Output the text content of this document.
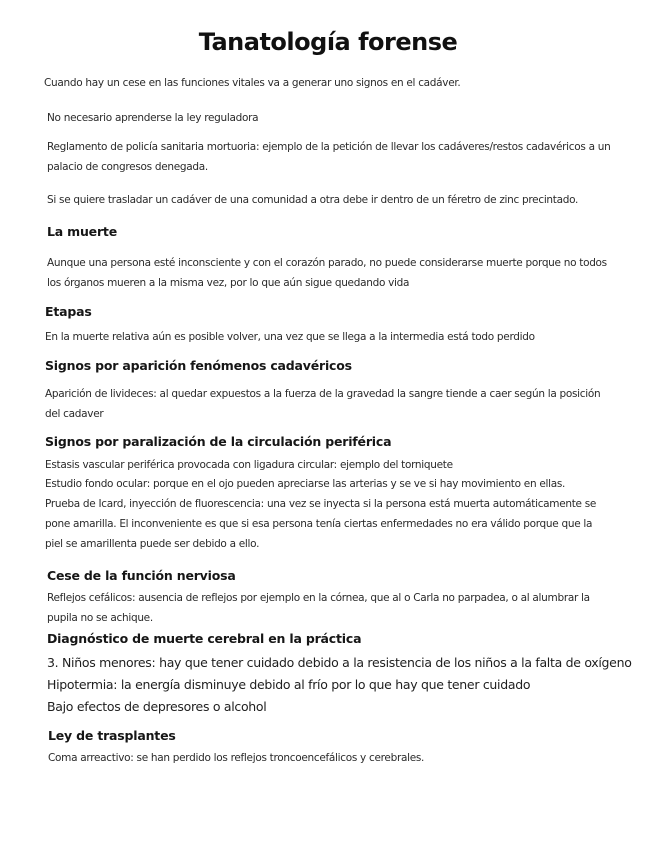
Tanatología forense
Cuando hay un cese en las funciones vitales va a generar uno signos en el cadáver.
No necesario aprenderse la ley reguladora
Reglamento de policía sanitaria mortuoria: ejemplo de la petición de llevar los cadáveres/restos cadavéricos a un palacio de congresos denegada.
Si se quiere trasladar un cadáver de una comunidad a otra debe ir dentro de un féretro de zinc precintado.
La muerte
Aunque una persona esté inconsciente y con el corazón parado, no puede considerarse muerte porque no todos los órganos mueren a la misma vez, por lo que aún sigue quedando vida
Etapas
En la muerte relativa aún es posible volver, una vez que se llega a la intermedia está todo perdido
Signos por aparición fenómenos cadavéricos
Aparición de livideces: al quedar expuestos a la fuerza de la gravedad la sangre tiende a caer según la posición del cadaver
Signos por paralización de la circulación periférica
Estasis vascular periférica provocada con ligadura circular: ejemplo del torniquete
Estudio fondo ocular: porque en el ojo pueden apreciarse las arterias y se ve si hay movimiento en ellas.
Prueba de Icard, inyección de fluorescencia: una vez se inyecta si la persona está muerta automáticamente se pone amarilla. El inconveniente es que si esa persona tenía ciertas enfermedades no era válido porque que la piel se amarillenta puede ser debido a ello.
Cese de la función nerviosa
Reflejos cefálicos: ausencia de reflejos por ejemplo en la córnea, que al o Carla no parpadea, o al alumbrar la pupila no se achique.
Diagnóstico de muerte cerebral en la práctica
3. Niños menores: hay que tener cuidado debido a la resistencia de los niños a la falta de oxígeno
Hipotermia: la energía disminuye debido al frío por lo que hay que tener cuidado
Bajo efectos de depresores o alcohol
Ley de trasplantes
Coma arreactivo: se han perdido los reflejos troncoencefálicos y cerebrales.
